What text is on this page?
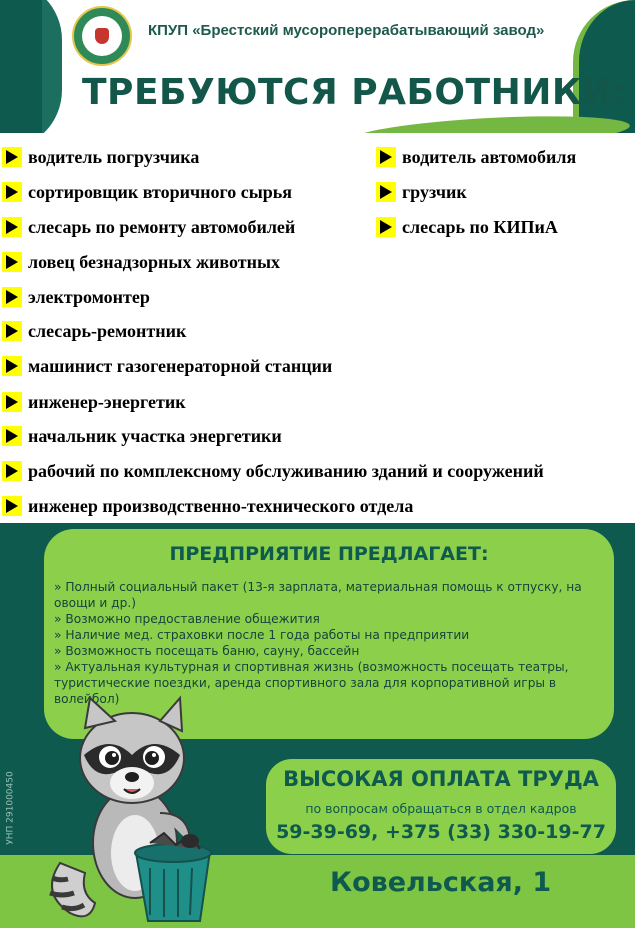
КПУП «Брестский мусороперерабатывающий завод»
ТРЕБУЮТСЯ РАБОТНИКИ:
водитель погрузчика
сортировщик вторичного сырья
слесарь по ремонту автомобилей
ловец безнадзорных животных
электромонтер
слесарь-ремонтник
машинист газогенераторной станции
инженер-энергетик
начальник участка энергетики
рабочий по комплексному обслуживанию зданий и сооружений
инженер производственно-технического отдела
водитель автомобиля
грузчик
слесарь по КИПиА
ПРЕДПРИЯТИЕ ПРЕДЛАГАЕТ:

» Полный социальный пакет (13-я зарплата, материальная помощь к отпуску, на овощи и др.)

» Возможно предоставление общежития

» Наличие мед. страховки после 1 года работы на предприятии

» Возможность посещать баню, сауну, бассейн

» Актуальная культурная и спортивная жизнь (возможность посещать театры, туристические поездки, аренда спортивного зала для корпоративной игры в волейбол)

УНП 291000450	ВЫСОКАЯ ОПЛАТА ТРУДА
по вопросам обращаться в отдел кадров
59-39-69, +375 (33) 330-19-77
Ковельская, 1
